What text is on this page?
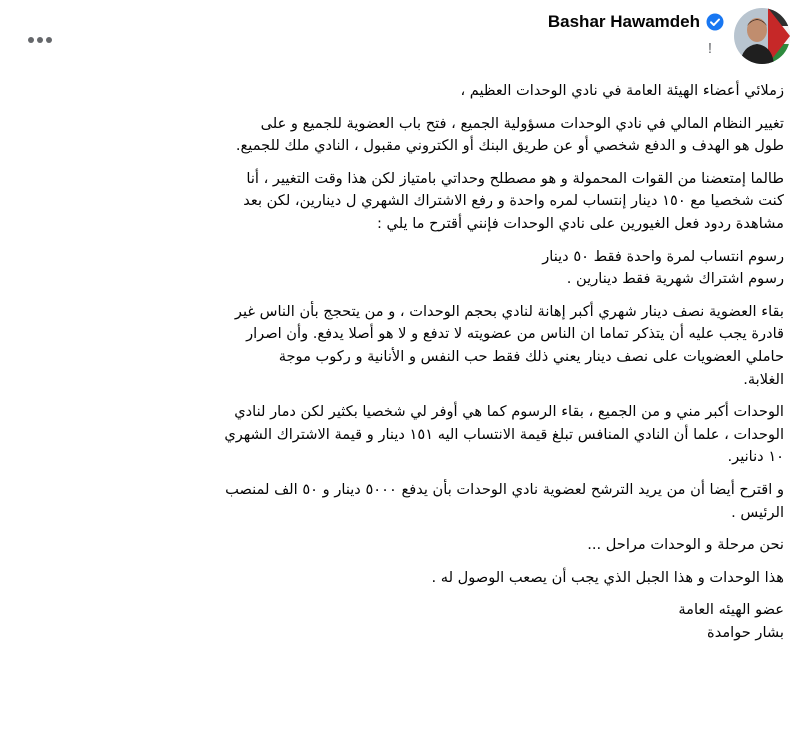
Bashar Hawamdeh
!

زملائي أعضاء الهيئة العامة في نادي الوحدات العظيم ،

تغيير النظام المالي في نادي الوحدات مسؤولية الجميع ، فتح باب العضوية للجميع و على
طول هو الهدف و الدفع شخصي أو عن طريق البنك أو الكتروني مقبول ، النادي ملك للجميع.

طالما إمتعضنا من القوات المحمولة و هو مصطلح وحداتي بامتياز لكن هذا وقت التغيير ، أنا
كنت شخصيا مع ١٥٠ دينار إنتساب لمره واحدة و رفع الاشتراك الشهري ل دينارين، لكن بعد
مشاهدة ردود فعل الغيورين على نادي الوحدات فإنني أقترح ما يلي :

رسوم انتساب لمرة واحدة فقط ٥٠ دينار
رسوم اشتراك شهرية فقط دينارين .

بقاء العضوية نصف دينار شهري أكبر إهانة لنادي بحجم الوحدات ، و من يتحجج بأن الناس غير
قادرة يجب عليه أن يتذكر تماما ان الناس من عضويته لا تدفع و لا هو أصلا يدفع. وأن اصرار
حاملي العضويات على نصف دينار يعني ذلك فقط حب النفس و الأنانية و ركوب موجة
الغلابة.

الوحدات أكبر مني و من الجميع ، بقاء الرسوم كما هي أوفر لي شخصيا بكثير لكن دمار لنادي
الوحدات ، علما أن النادي المنافس تبلغ قيمة الانتساب اليه ١٥١ دينار و قيمة الاشتراك الشهري
١٠ دنانير.

و اقترح أيضا أن من يريد الترشح لعضوية نادي الوحدات بأن يدفع ٥٠٠٠ دينار و ٥٠ الف لمنصب
الرئيس .

نحن مرحلة و الوحدات مراحل ...

هذا الوحدات و هذا الجبل الذي يجب أن يصعب الوصول له .

عضو الهيئه العامة
بشار حوامدة
